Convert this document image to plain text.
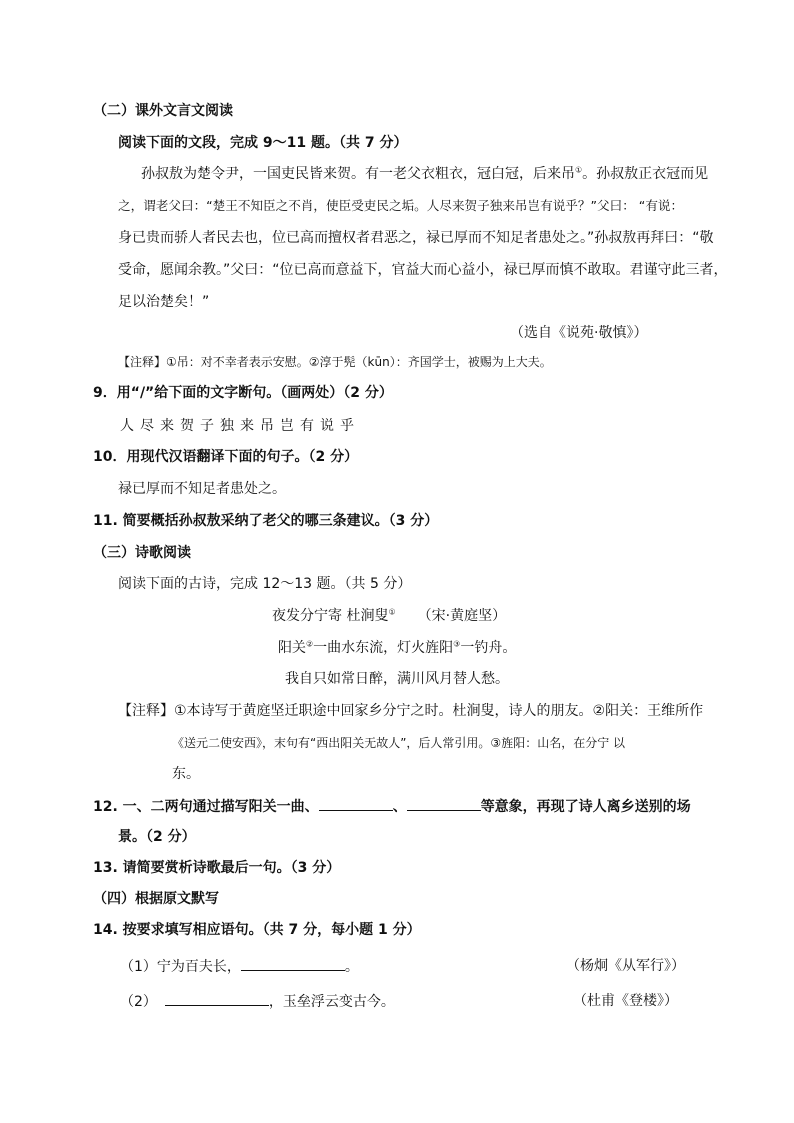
（二）课外文言文阅读
阅读下面的文段，完成 9～11 题。（共 7 分）
孙叔敖为楚令尹，一国吏民皆来贺。有一老父衣粗衣，冠白冠，后来吊①。孙叔敖正衣冠而见
之，谓老父曰：“楚王不知臣之不肖，使臣受吏民之垢。人尽来贺子独来吊岂有说乎？”父曰： “有说：
身已贵而骄人者民去也，位已高而擅权者君恶之，禄已厚而不知足者患处之。”孙叔敖再拜曰：“敬
受命，愿闻余教。”父曰：“位已高而意益下，官益大而心益小，禄已厚而慎不敢取。君谨守此三者，
足以治楚矣！”
（选自《说苑·敬慎》）
【注释】①吊：对不幸者表示安慰。②淳于髡（kūn）：齐国学士，被赐为上大夫。
9．用“/”给下面的文字断句。（画两处）（2 分）
人尽来贺子独来吊岂有说乎
10．用现代汉语翻译下面的句子。（2 分）
禄已厚而不知足者患处之。
11. 简要概括孙叔敖采纳了老父的哪三条建议。（3 分）
（三）诗歌阅读
阅读下面的古诗，完成 12～13 题。（共 5 分）
夜发分宁寄 杜涧叟① （宋·黄庭坚）
阳关②一曲水东流，灯火旌阳③一钓舟。
我自只如常日醉，满川风月替人愁。
【注释】①本诗写于黄庭坚迁职途中回家乡分宁之时。杜涧叟，诗人的朋友。②阳关：王维所作
《送元二使安西》，末句有“西出阳关无故人”，后人常引用。③旌阳：山名，在分宁 以
东。
12. 一、二两句通过描写阳关一曲、	、	等意象，再现了诗人离乡送别的场
景。（2 分）
13. 请简要赏析诗歌最后一句。（3 分）
（四）根据原文默写
14. 按要求填写相应语句。（共 7 分，每小题 1 分）
（1）宁为百夫长，	。	（杨炯《从军行》）
（2）	，玉垒浮云变古今。	（杜甫《登楼》）
